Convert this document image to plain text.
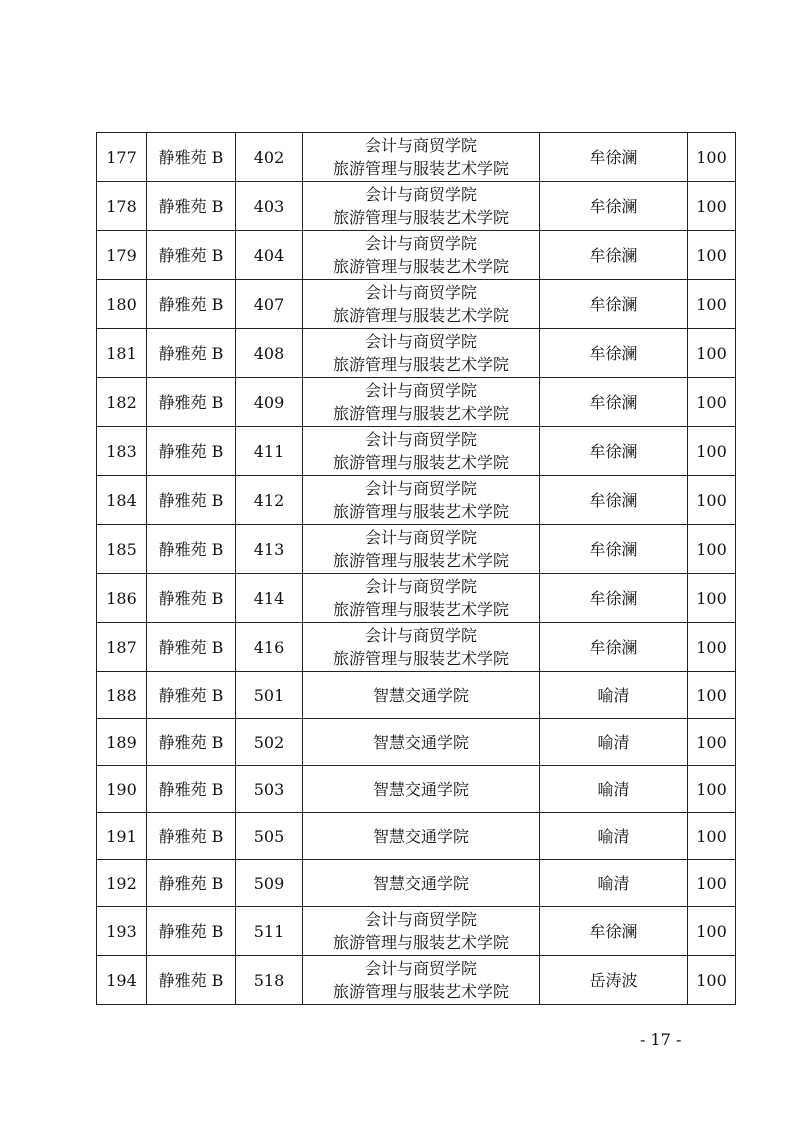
177	静雅苑 B	402	会计与商贸学院
旅游管理与服装艺术学院	牟徐澜	100
178	静雅苑 B	403	会计与商贸学院
旅游管理与服装艺术学院	牟徐澜	100
179	静雅苑 B	404	会计与商贸学院
旅游管理与服装艺术学院	牟徐澜	100
180	静雅苑 B	407	会计与商贸学院
旅游管理与服装艺术学院	牟徐澜	100
181	静雅苑 B	408	会计与商贸学院
旅游管理与服装艺术学院	牟徐澜	100
182	静雅苑 B	409	会计与商贸学院
旅游管理与服装艺术学院	牟徐澜	100
183	静雅苑 B	411	会计与商贸学院
旅游管理与服装艺术学院	牟徐澜	100
184	静雅苑 B	412	会计与商贸学院
旅游管理与服装艺术学院	牟徐澜	100
185	静雅苑 B	413	会计与商贸学院
旅游管理与服装艺术学院	牟徐澜	100
186	静雅苑 B	414	会计与商贸学院
旅游管理与服装艺术学院	牟徐澜	100
187	静雅苑 B	416	会计与商贸学院
旅游管理与服装艺术学院	牟徐澜	100
188	静雅苑 B	501	智慧交通学院	喻清	100
189	静雅苑 B	502	智慧交通学院	喻清	100
190	静雅苑 B	503	智慧交通学院	喻清	100
191	静雅苑 B	505	智慧交通学院	喻清	100
192	静雅苑 B	509	智慧交通学院	喻清	100
193	静雅苑 B	511	会计与商贸学院
旅游管理与服装艺术学院	牟徐澜	100
194	静雅苑 B	518	会计与商贸学院
旅游管理与服装艺术学院	岳涛波	100
- 17 -
